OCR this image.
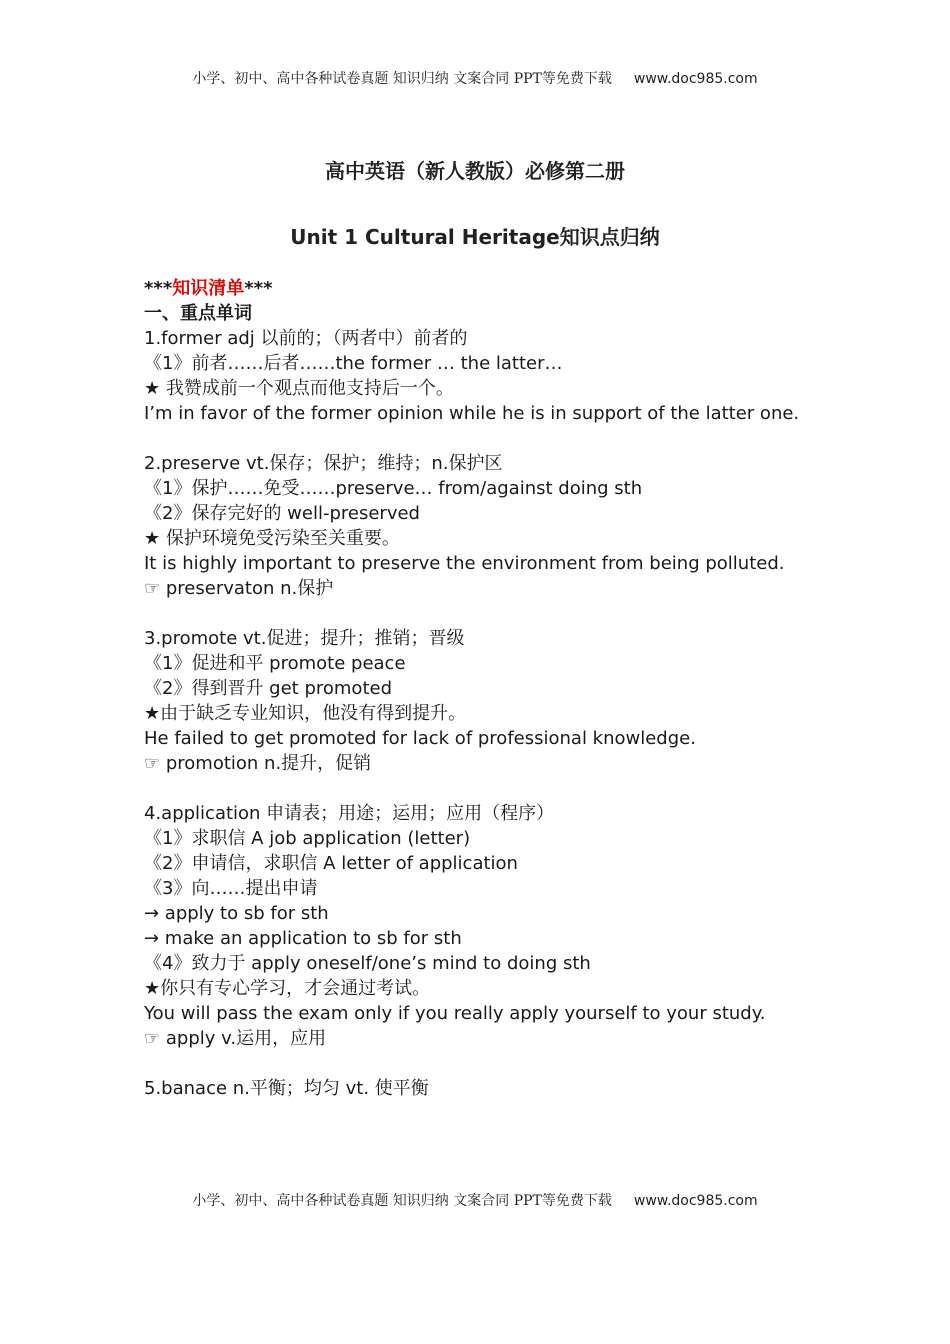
小学、初中、高中各种试卷真题 知识归纳 文案合同 PPT等免费下载 www.doc985.com
高中英语（新人教版）必修第二册
Unit 1 Cultural Heritage知识点归纳
***知识清单***
一、重点单词
1.former adj 以前的；（两者中）前者的
《1》前者……后者……the former … the latter…
★ 我赞成前一个观点而他支持后一个。
I’m in favor of the former opinion while he is in support of the latter one.
2.preserve vt.保存；保护；维持；n.保护区
《1》保护……免受……preserve… from/against doing sth
《2》保存完好的 well-preserved
★ 保护环境免受污染至关重要。
It is highly important to preserve the environment from being polluted.
☞ preservaton n.保护
3.promote vt.促进；提升；推销；晋级
《1》促进和平 promote peace
《2》得到晋升 get promoted
★由于缺乏专业知识，他没有得到提升。
He failed to get promoted for lack of professional knowledge.
☞ promotion n.提升，促销
4.application 申请表；用途；运用；应用（程序）
《1》求职信 A job application (letter)
《2》申请信，求职信 A letter of application
《3》向……提出申请
→ apply to sb for sth
→ make an application to sb for sth
《4》致力于 apply oneself/one’s mind to doing sth
★你只有专心学习，才会通过考试。
You will pass the exam only if you really apply yourself to your study.
☞ apply v.运用，应用
5.banace n.平衡；均匀 vt. 使平衡
小学、初中、高中各种试卷真题 知识归纳 文案合同 PPT等免费下载 www.doc985.com
